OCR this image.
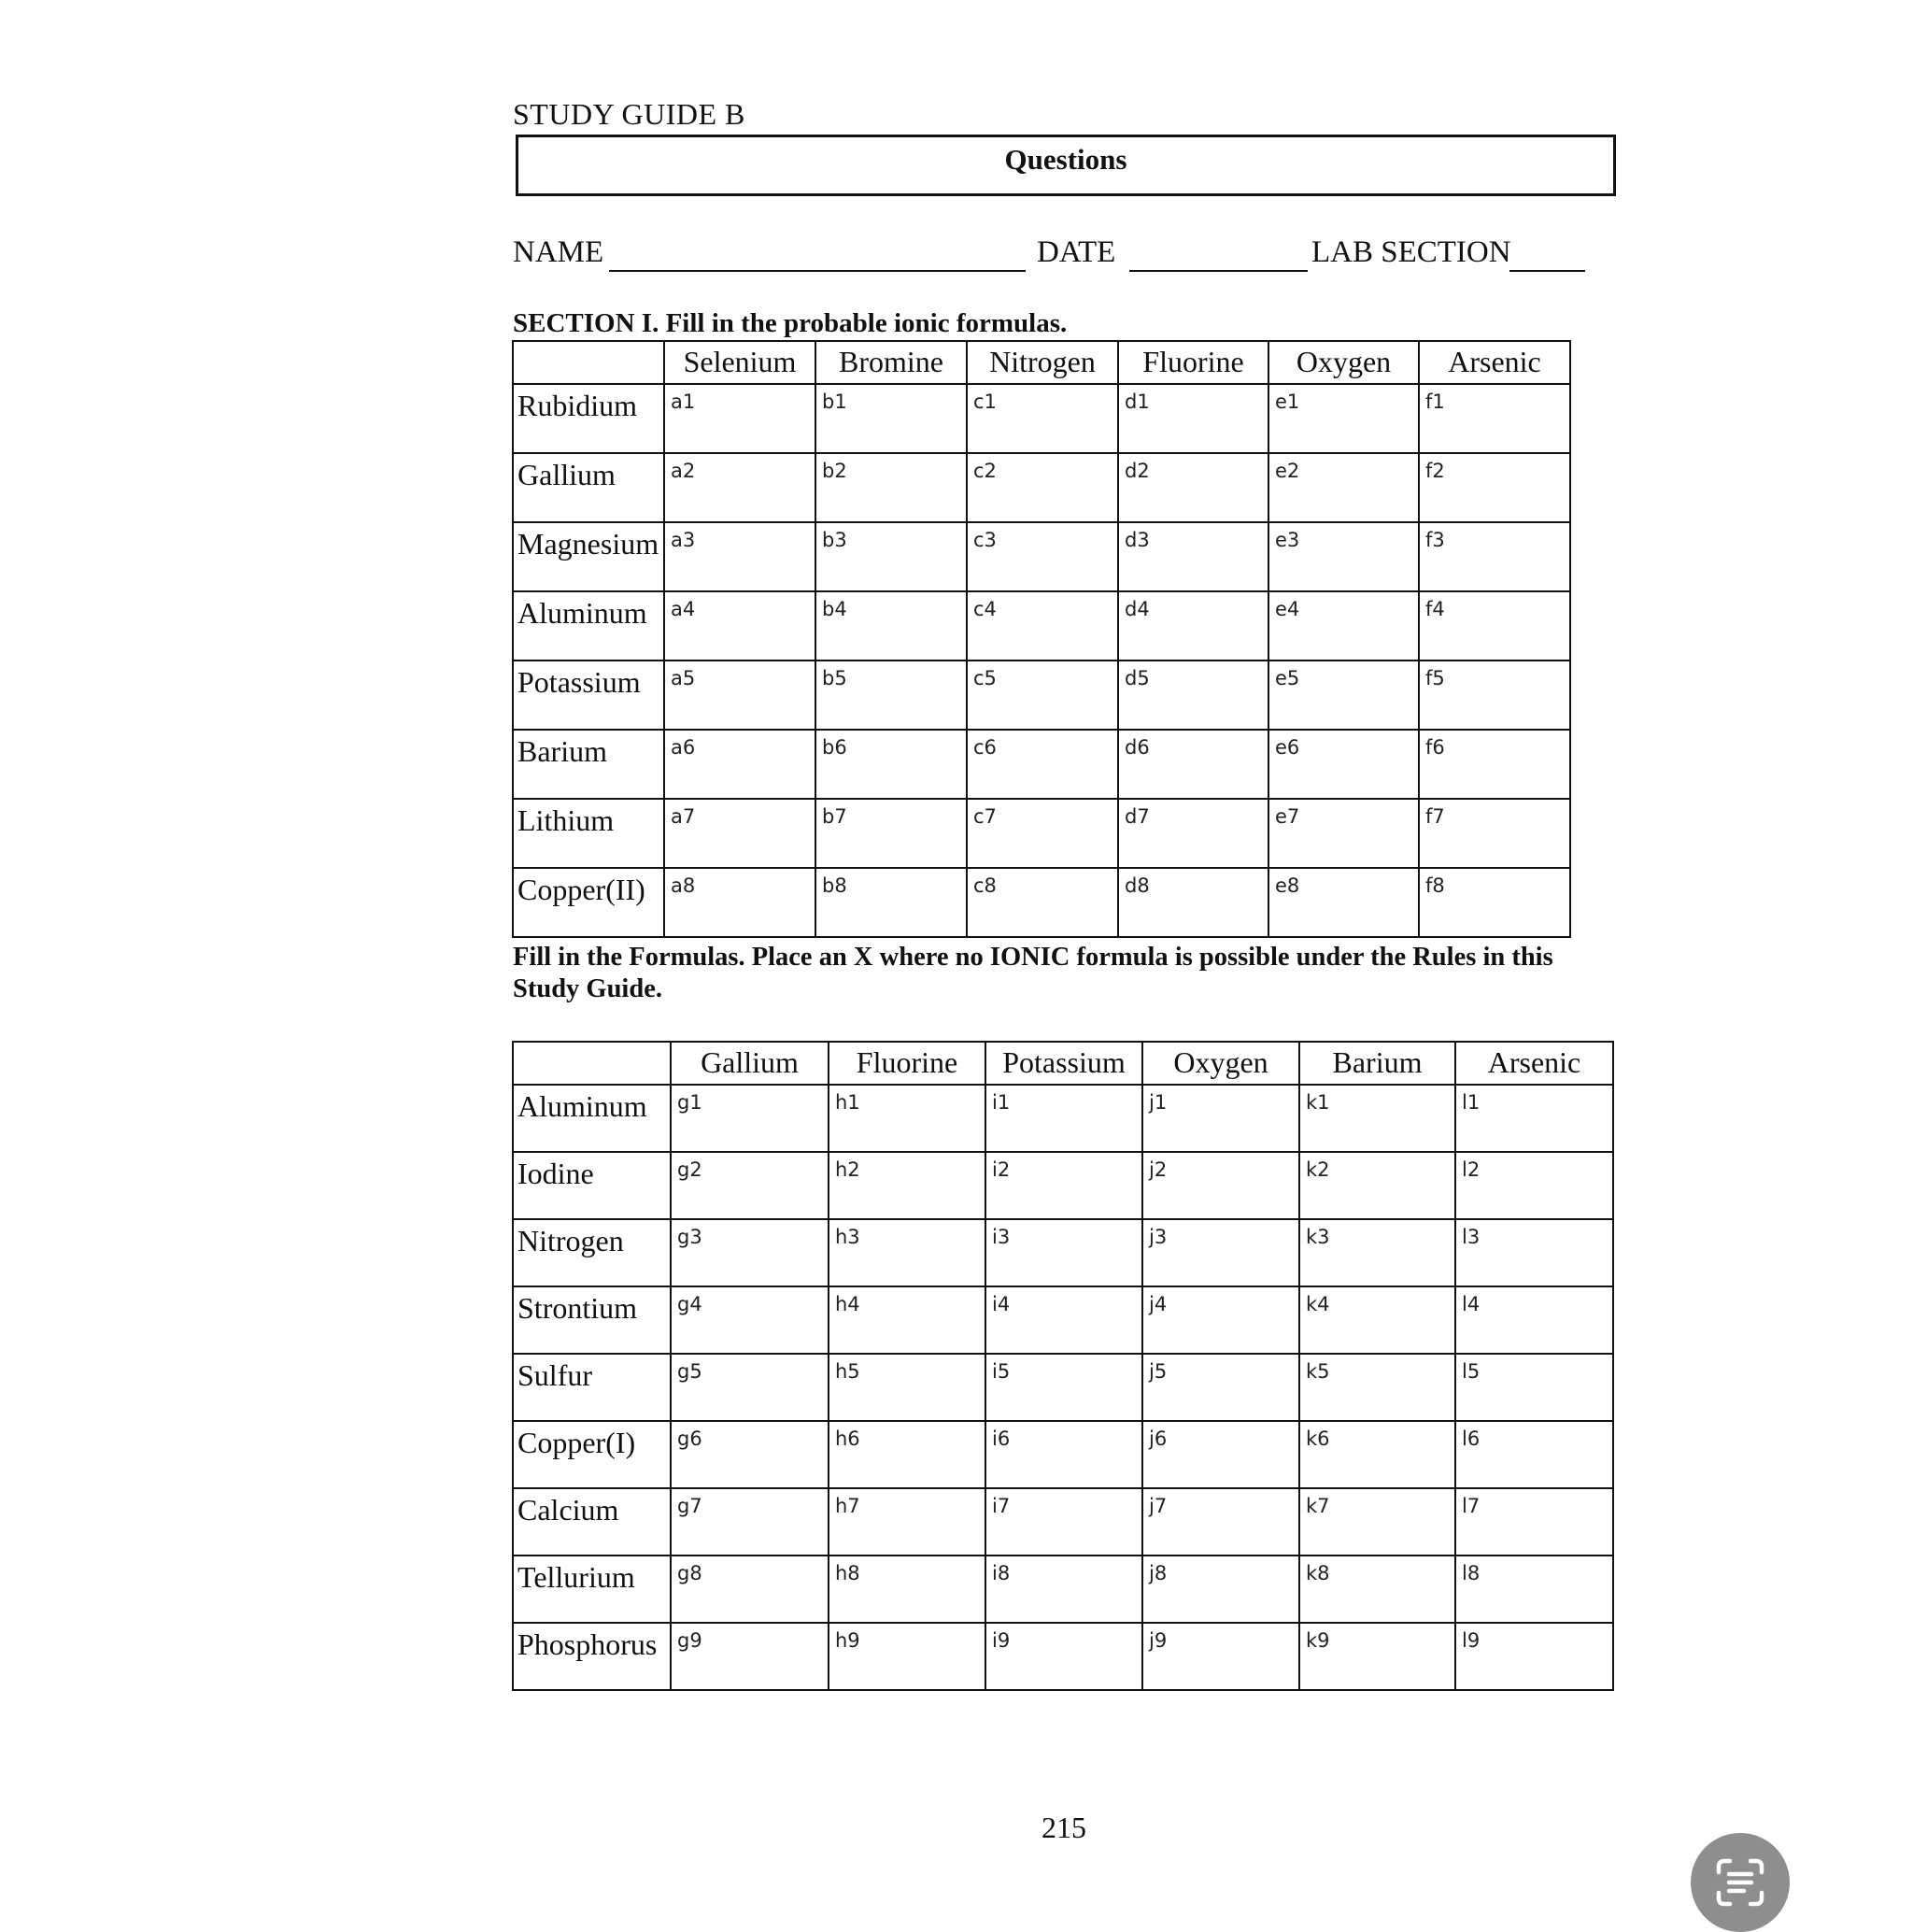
STUDY GUIDE B
Questions
NAME	DATE	LAB SECTION
SECTION I. Fill in the probable ionic formulas.
	Selenium	Bromine	Nitrogen	Fluorine	Oxygen	Arsenic
Rubidium	a1	b1	c1	d1	e1	f1
Gallium	a2	b2	c2	d2	e2	f2
Magnesium	a3	b3	c3	d3	e3	f3
Aluminum	a4	b4	c4	d4	e4	f4
Potassium	a5	b5	c5	d5	e5	f5
Barium	a6	b6	c6	d6	e6	f6
Lithium	a7	b7	c7	d7	e7	f7
Copper(II)	a8	b8	c8	d8	e8	f8
Fill in the Formulas. Place an X where no IONIC formula is possible under the Rules in this Study Guide.
	Gallium	Fluorine	Potassium	Oxygen	Barium	Arsenic
Aluminum	g1	h1	i1	j1	k1	l1
Iodine	g2	h2	i2	j2	k2	l2
Nitrogen	g3	h3	i3	j3	k3	l3
Strontium	g4	h4	i4	j4	k4	l4
Sulfur	g5	h5	i5	j5	k5	l5
Copper(I)	g6	h6	i6	j6	k6	l6
Calcium	g7	h7	i7	j7	k7	l7
Tellurium	g8	h8	i8	j8	k8	l8
Phosphorus	g9	h9	i9	j9	k9	l9
215
